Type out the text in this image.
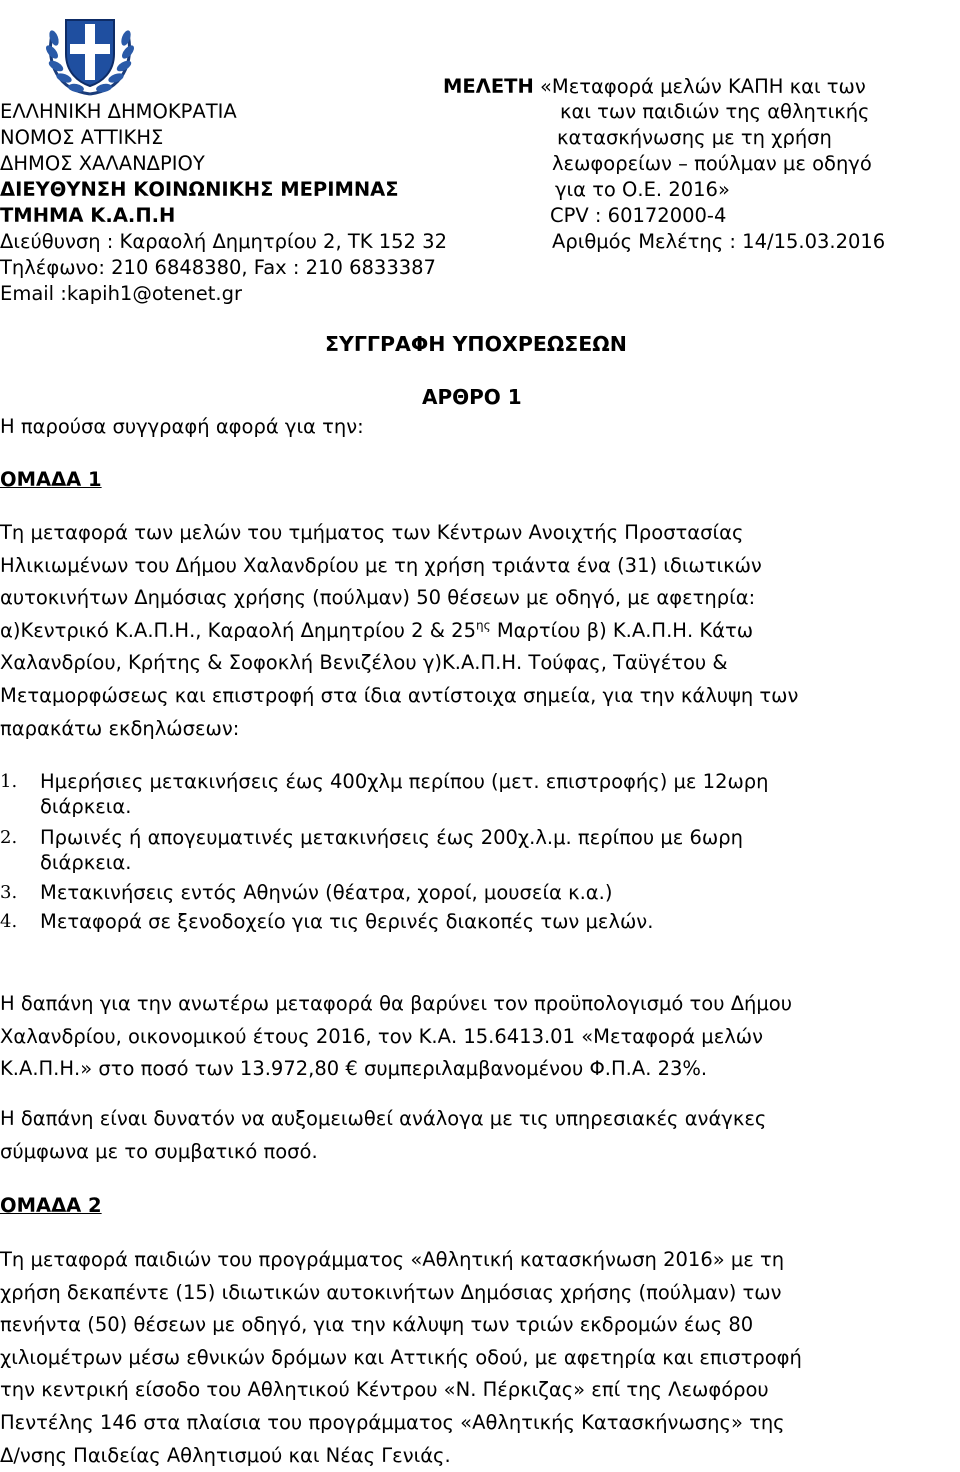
ΕΛΛΗΝΙΚΗ ΔΗΜΟΚΡΑΤΙΑ
ΝΟΜΟΣ ΑΤΤΙΚΗΣ
ΔΗΜΟΣ ΧΑΛΑΝΔΡΙΟΥ
ΔΙΕΥΘΥΝΣΗ ΚΟΙΝΩΝΙΚΗΣ ΜΕΡΙΜΝΑΣ
ΤΜΗΜΑ Κ.Α.Π.Η
Διεύθυνση : Καραολή Δημητρίου 2, ΤΚ 152 32
Τηλέφωνο: 210 6848380, Fax : 210 6833387
Email :kapih1@otenet.gr
ΜΕΛΕΤΗ «Μεταφορά μελών ΚΑΠΗ και των
και των παιδιών της αθλητικής
κατασκήνωσης με τη χρήση
λεωφορείων – πούλμαν με οδηγό
για το Ο.Ε. 2016»
CPV : 60172000-4
Αριθμός Μελέτης : 14/15.03.2016
ΣΥΓΓΡΑΦΗ ΥΠΟΧΡΕΩΣΕΩΝ
ΑΡΘΡΟ 1
Η παρούσα συγγραφή αφορά για την:
ΟΜΑΔΑ 1
Τη μεταφορά των μελών του τμήματος των Κέντρων Ανοιχτής Προστασίας
Ηλικιωμένων του Δήμου Χαλανδρίου με τη χρήση τριάντα ένα (31) ιδιωτικών
αυτοκινήτων Δημόσιας χρήσης (πούλμαν) 50 θέσεων με οδηγό, με αφετηρία:
α)Κεντρικό Κ.Α.Π.Η., Καραολή Δημητρίου 2 & $25^{\eta\varsigma}$ Μαρτίου β) Κ.Α.Π.Η. Κάτω
Χαλανδρίου, Κρήτης & Σοφοκλή Βενιζέλου γ)Κ.Α.Π.Η. Τούφας, Ταϋγέτου &
Μεταμορφώσεως και επιστροφή στα ίδια αντίστοιχα σημεία, για την κάλυψη των
παρακάτω εκδηλώσεων:
1. Ημερήσιες μετακινήσεις έως 400χλμ περίπου (μετ. επιστροφής) με 12ωρη
διάρκεια.
2. Πρωινές ή απογευματινές μετακινήσεις έως 200χ.λ.μ. περίπου με 6ωρη
διάρκεια.
3. Μετακινήσεις εντός Αθηνών (θέατρα, χοροί, μουσεία κ.α.)
4. Μεταφορά σε ξενοδοχείο για τις θερινές διακοπές των μελών.
Η δαπάνη για την ανωτέρω μεταφορά θα βαρύνει τον προϋπολογισμό του Δήμου
Χαλανδρίου, οικονομικού έτους 2016, τον Κ.Α. 15.6413.01 «Μεταφορά μελών
Κ.Α.Π.Η.» στο ποσό των 13.972,80 € συμπεριλαμβανομένου Φ.Π.Α. 23%.
Η δαπάνη είναι δυνατόν να αυξομειωθεί ανάλογα με τις υπηρεσιακές ανάγκες
σύμφωνα με το συμβατικό ποσό.
ΟΜΑΔΑ 2
Τη μεταφορά παιδιών του προγράμματος «Αθλητική κατασκήνωση 2016» με τη
χρήση δεκαπέντε (15) ιδιωτικών αυτοκινήτων Δημόσιας χρήσης (πούλμαν) των
πενήντα (50) θέσεων με οδηγό, για την κάλυψη των τριών εκδρομών έως 80
χιλιομέτρων μέσω εθνικών δρόμων και Αττικής οδού, με αφετηρία και επιστροφή
την κεντρική είσοδο του Αθλητικού Κέντρου «Ν. Πέρκιζας» επί της Λεωφόρου
Πεντέλης 146 στα πλαίσια του προγράμματος «Αθλητικής Κατασκήνωσης» της
Δ/νσης Παιδείας Αθλητισμού και Νέας Γενιάς.
